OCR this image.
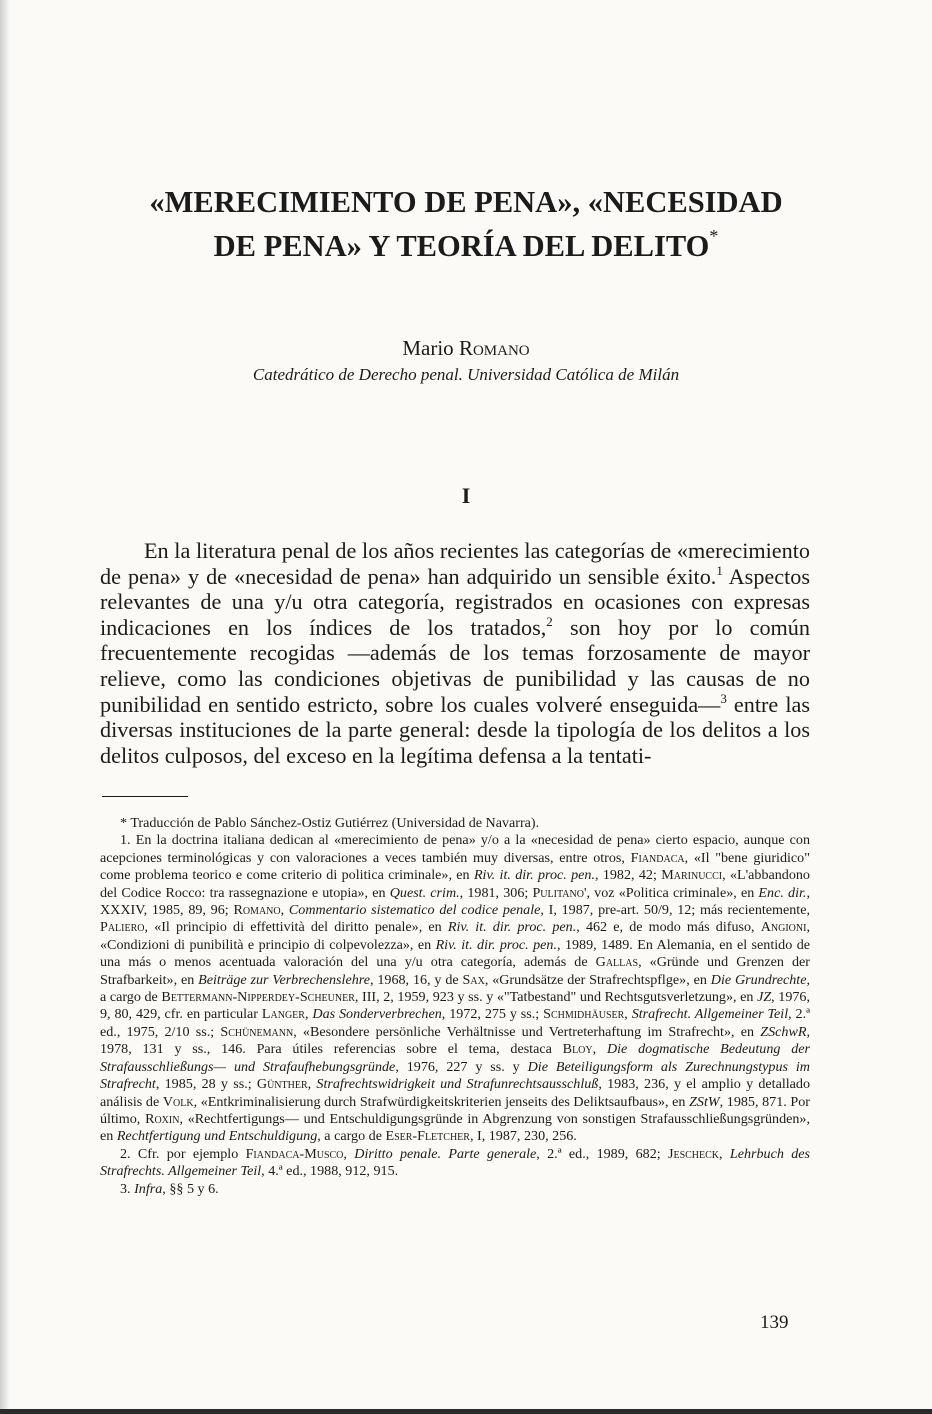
«MERECIMIENTO DE PENA», «NECESIDAD
DE PENA» Y TEORÍA DEL DELITO*

Mario Romano

Catedrático de Derecho penal. Universidad Católica de Milán

I

En la literatura penal de los años recientes las categorías de «merecimiento de pena» y de «necesidad de pena» han adquirido un sensible éxito.$^1$ Aspectos relevantes de una y/u otra categoría, registrados en ocasiones con expresas indicaciones en los índices de los tratados,$^2$ son hoy por lo común frecuentemente recogidas —además de los temas forzosamente de mayor relieve, como las condiciones objetivas de punibilidad y las causas de no punibilidad en sentido estricto, sobre los cuales volveré enseguida—$^3$ entre las diversas instituciones de la parte general: desde la tipología de los delitos a los delitos culposos, del exceso en la legítima defensa a la tentati-

* Traducción de Pablo Sánchez-Ostiz Gutiérrez (Universidad de Navarra).

1. En la doctrina italiana dedican al «merecimiento de pena» y/o a la «necesidad de pena» cierto espacio, aunque con acepciones terminológicas y con valoraciones a veces también muy diversas, entre otros, Fiandaca, «Il "bene giuridico" come problema teorico e come criterio di politica criminale», en Riv. it. dir. proc. pen., 1982, 42; Marinucci, «L'abbandono del Codice Rocco: tra rassegnazione e utopia», en Quest. crim., 1981, 306; Pulitano', voz «Politica criminale», en Enc. dir., XXXIV, 1985, 89, 96; Romano, Commentario sistematico del codice penale, I, 1987, pre-art. 50/9, 12; más recientemente, Paliero, «Il principio di effettività del diritto penale», en Riv. it. dir. proc. pen., 462 e, de modo más difuso, Angioni, «Condizioni di punibilità e principio di colpevolezza», en Riv. it. dir. proc. pen., 1989, 1489. En Alemania, en el sentido de una más o menos acentuada valoración del una y/u otra categoría, además de Gallas, «Gründe und Grenzen der Strafbarkeit», en Beiträge zur Verbrechenslehre, 1968, 16, y de Sax, «Grundsätze der Strafrechtspflge», en Die Grundrechte, a cargo de Bettermann-Nipperdey-Scheuner, III, 2, 1959, 923 y ss. y «"Tatbestand" und Rechtsgutsverletzung», en JZ, 1976, 9, 80, 429, cfr. en particular Langer, Das Sonderverbrechen, 1972, 275 y ss.; Schmidhäuser, Strafrecht. Allgemeiner Teil, 2.ª ed., 1975, 2/10 ss.; Schünemann, «Besondere persönliche Verhältnisse und Vertreterhaftung im Strafrecht», en ZSchwR, 1978, 131 y ss., 146. Para útiles referencias sobre el tema, destaca Bloy, Die dogmatische Bedeutung der Strafausschließungs— und Strafaufhebungsgründe, 1976, 227 y ss. y Die Beteiligungsform als Zurechnungstypus im Strafrecht, 1985, 28 y ss.; Günther, Strafrechtswidrigkeit und Strafunrechtsausschluß, 1983, 236, y el amplio y detallado análisis de Volk, «Entkriminalisierung durch Strafwürdigkeitskriterien jenseits des Deliktsaufbaus», en ZStW, 1985, 871. Por último, Roxin, «Rechtfertigungs— und Entschuldigungsgründe in Abgrenzung von sonstigen Strafausschließungsgründen», en Rechtfertigung und Entschuldigung, a cargo de Eser-Fletcher, I, 1987, 230, 256.

2. Cfr. por ejemplo Fiandaca-Musco, Diritto penale. Parte generale, 2.ª ed., 1989, 682; Jescheck, Lehrbuch des Strafrechts. Allgemeiner Teil, 4.ª ed., 1988, 912, 915.

3. Infra, §§ 5 y 6.

139
